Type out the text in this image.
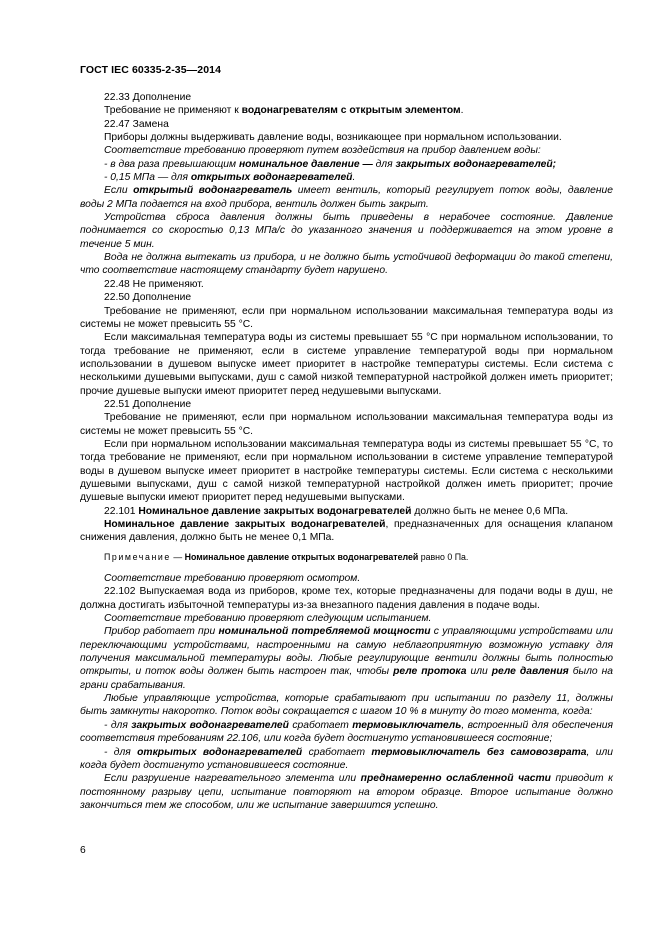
ГОСТ IEC 60335-2-35—2014

22.33 Дополнение

Требование не применяют к водонагревателям с открытым элементом.

22.47 Замена

Приборы должны выдерживать давление воды, возникающее при нормальном использовании.

Соответствие требованию проверяют путем воздействия на прибор давлением воды:

- в два раза превышающим номинальное давление — для закрытых водонагревателей;

- 0,15 МПа — для открытых водонагревателей.

Если открытый водонагреватель имеет вентиль, который регулирует поток воды, давление воды 2 МПа подается на вход прибора, вентиль должен быть закрыт.

Устройства сброса давления должны быть приведены в нерабочее состояние. Давление поднимается со скоростью 0,13 МПа/с до указанного значения и поддерживается на этом уровне в течение 5 мин.

Вода не должна вытекать из прибора, и не должно быть устойчивой деформации до такой степени, что соответствие настоящему стандарту будет нарушено.

22.48 Не применяют.

22.50 Дополнение

Требование не применяют, если при нормальном использовании максимальная температура воды из системы не может превысить 55 °С.

Если максимальная температура воды из системы превышает 55 °С при нормальном использовании, то тогда требование не применяют, если в системе управление температурой воды при нормальном использовании в душевом выпуске имеет приоритет в настройке температуры системы. Если система с несколькими душевыми выпусками, душ с самой низкой температурной настройкой должен иметь приоритет; прочие душевые выпуски имеют приоритет перед недушевыми выпусками.

22.51 Дополнение

Требование не применяют, если при нормальном использовании максимальная температура воды из системы не может превысить 55 °С.

Если при нормальном использовании максимальная температура воды из системы превышает 55 °С, то тогда требование не применяют, если при нормальном использовании в системе управление температурой воды в душевом выпуске имеет приоритет в настройке температуры системы. Если система с несколькими душевыми выпусками, душ с самой низкой температурной настройкой должен иметь приоритет; прочие душевые выпуски имеют приоритет перед недушевыми выпусками.

22.101 Номинальное давление закрытых водонагревателей должно быть не менее 0,6 МПа.

Номинальное давление закрытых водонагревателей, предназначенных для оснащения клапаном снижения давления, должно быть не менее 0,1 МПа.

Примечание — Номинальное давление открытых водонагревателей равно 0 Па.

Соответствие требованию проверяют осмотром.

22.102 Выпускаемая вода из приборов, кроме тех, которые предназначены для подачи воды в душ, не должна достигать избыточной температуры из-за внезапного падения давления в подаче воды.

Соответствие требованию проверяют следующим испытанием.

Прибор работает при номинальной потребляемой мощности с управляющими устройствами или переключающими устройствами, настроенными на самую неблагоприятную возможную уставку для получения максимальной температуры воды. Любые регулирующие вентили должны быть полностью открыты, и поток воды должен быть настроен так, чтобы реле протока или реле давления было на грани срабатывания.

Любые управляющие устройства, которые срабатывают при испытании по разделу 11, должны быть замкнуты накоротко. Поток воды сокращается с шагом 10 % в минуту до того момента, когда:

- для закрытых водонагревателей сработает термовыключатель, встроенный для обеспечения соответствия требованиям 22.106, или когда будет достигнуто установившееся состояние;

- для открытых водонагревателей сработает термовыключатель без самовозврата, или когда будет достигнуто установившееся состояние.

Если разрушение нагревательного элемента или преднамеренно ослабленной части приводит к постоянному разрыву цепи, испытание повторяют на втором образце. Второе испытание должно закончиться тем же способом, или же испытание завершится успешно.

6
